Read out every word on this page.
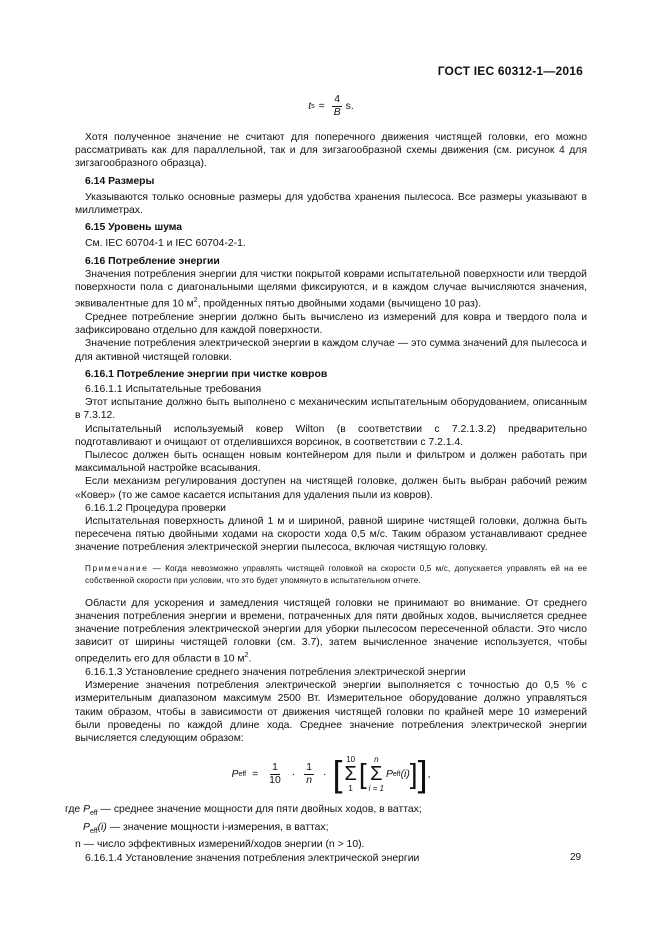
ГОСТ IEC 60312-1—2016
t $s = \frac{4}{B} s$.

Хотя полученное значение не считают для поперечного движения чистящей головки, его можно рассматривать как для параллельной, так и для зигзагообразной схемы движения (см. рисунок 4 для зигзагообразного образца).

6.14 Размеры

Указываются только основные размеры для удобства хранения пылесоса. Все размеры указывают в миллиметрах.

6.15 Уровень шума

См. IEC 60704-1 и IEC 60704-2-1.

6.16 Потребление энергии

Значения потребления энергии для чистки покрытой коврами испытательной поверхности или твердой поверхности пола с диагональными щелями фиксируются, и в каждом случае вычисляются значения, эквивалентные для 10 $м^2$, пройденных пятью двойными ходами (вычищено 10 раз).

Среднее потребление энергии должно быть вычислено из измерений для ковра и твердого пола и зафиксировано отдельно для каждой поверхности.

Значение потребления электрической энергии в каждом случае — это сумма значений для пылесоса и для активной чистящей головки.

6.16.1 Потребление энергии при чистке ковров

6.16.1.1 Испытательные требования

Этот испытание должно быть выполнено с механическим испытательным оборудованием, описанным в 7.3.12.

Испытательный используемый ковер Wilton (в соответствии с 7.2.1.3.2) предварительно подготавливают и очищают от отделившихся ворсинок, в соответствии с 7.2.1.4.

Пылесос должен быть оснащен новым контейнером для пыли и фильтром и должен работать при максимальной настройке всасывания.

Если механизм регулирования доступен на чистящей головке, должен быть выбран рабочий режим «Ковер» (то же самое касается испытания для удаления пыли из ковров).

6.16.1.2 Процедура проверки

Испытательная поверхность длиной 1 м и шириной, равной ширине чистящей головки, должна быть пересечена пятью двойными ходами на скорости хода 0,5 м/с. Таким образом устанавливают среднее значение потребления электрической энергии пылесоса, включая чистящую головку.

Примечание — Когда невозможно управлять чистящей головкой на скорости 0,5 м/с, допускается управлять ей на ее собственной скорости при условии, что это будет упомянуто в испытательном отчете.

Области для ускорения и замедления чистящей головки не принимают во внимание. От среднего значения потребления энергии и времени, потраченных для пяти двойных ходов, вычисляется среднее значение потребления электрической энергии для уборки пылесосом пересеченной области. Это число зависит от ширины чистящей головки (см. 3.7), затем вычисленное значение используется, чтобы определить его для области в 10 $м^2$.

6.16.1.3 Установление среднего значения потребления электрической энергии

Измерение значения потребления электрической энергии выполняется с точностью до 0,5 % с измерительным диапазоном максимум 2500 Вт. Измерительное оборудование должно управляться таким образом, чтобы в зависимости от движения чистящей головки по крайней мере 10 измерений были проведены по каждой длине хода. Среднее значение потребления электрической энергии вычисляется следующим образом:

P eff = $\frac{1}{10} \cdot \frac{1}{n}$ · [ 10
Σ
1 [ n
Σ
i = 1
P eff (i) ] ] ,

где $P_{eff}$ — среднее значение мощности для пяти двойных ходов, в ваттах;

$P_{eff}(i)$ — значение мощности i-измерения, в ваттах;

n — число эффективных измерений/ходов энергии (n > 10).

6.16.1.4 Установление значения потребления электрической энергии	29
